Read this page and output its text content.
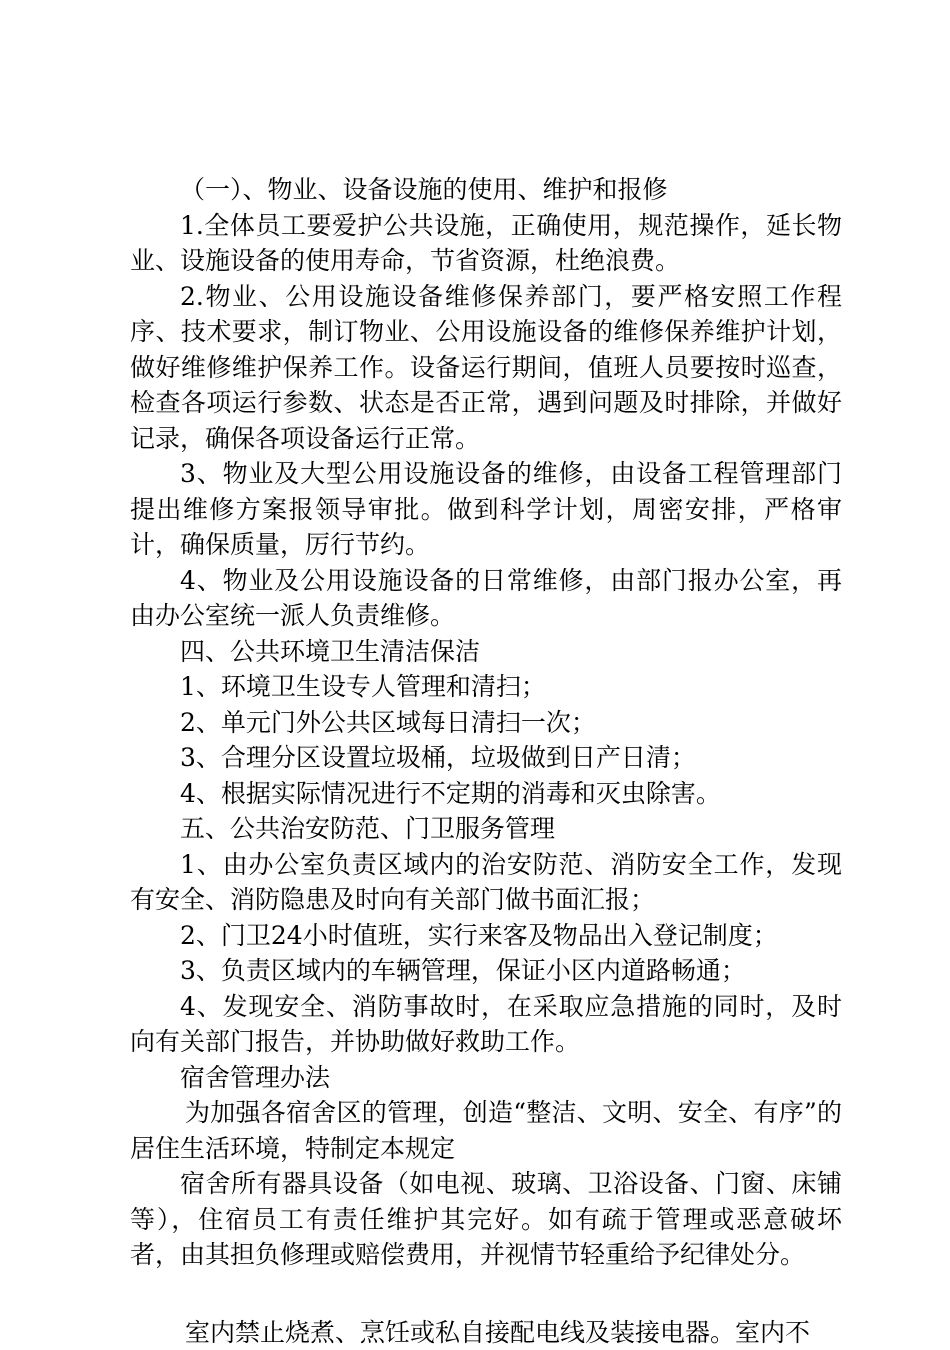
（一）、物业、设备设施的使用、维护和报修

1.全体员工要爱护公共设施，正确使用，规范操作，延长物业、设施设备的使用寿命，节省资源，杜绝浪费。

2.物业、公用设施设备维修保养部门，要严格安照工作程序、技术要求，制订物业、公用设施设备的维修保养维护计划，做好维修维护保养工作。设备运行期间，值班人员要按时巡查，检查各项运行参数、状态是否正常，遇到问题及时排除，并做好记录，确保各项设备运行正常。

3、物业及大型公用设施设备的维修，由设备工程管理部门提出维修方案报领导审批。做到科学计划，周密安排，严格审计，确保质量，厉行节约。

4、物业及公用设施设备的日常维修，由部门报办公室，再由办公室统一派人负责维修。

四、公共环境卫生清洁保洁

1、环境卫生设专人管理和清扫；

2、单元门外公共区域每日清扫一次；

3、合理分区设置垃圾桶，垃圾做到日产日清；

4、根据实际情况进行不定期的消毒和灭虫除害。

五、公共治安防范、门卫服务管理

1、由办公室负责区域内的治安防范、消防安全工作，发现有安全、消防隐患及时向有关部门做书面汇报；

2、门卫24小时值班，实行来客及物品出入登记制度；

3、负责区域内的车辆管理，保证小区内道路畅通；

4、发现安全、消防事故时，在采取应急措施的同时，及时向有关部门报告，并协助做好救助工作。

宿舍管理办法

为加强各宿舍区的管理，创造“整洁、文明、安全、有序”的居住生活环境，特制定本规定

宿舍所有器具设备（如电视、玻璃、卫浴设备、门窗、床铺等），住宿员工有责任维护其完好。如有疏于管理或恶意破坏者，由其担负修理或赔偿费用，并视情节轻重给予纪律处分。

室内禁止烧煮、烹饪或私自接配电线及装接电器。室内不
